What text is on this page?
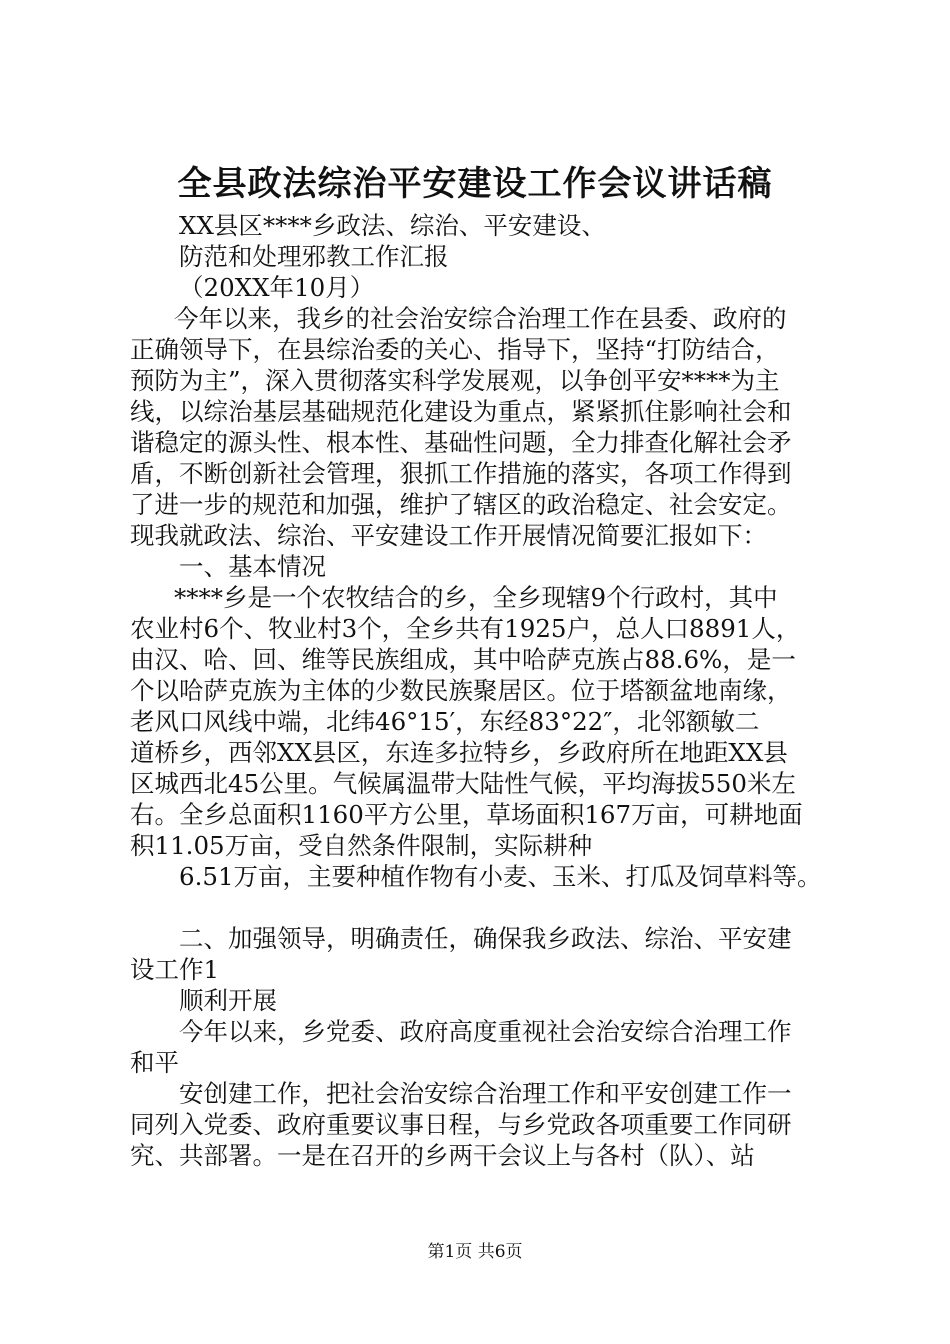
全县政法综治平安建设工作会议讲话稿
XX县区****乡政法、综治、平安建设、
防范和处理邪教工作汇报
（20XX年10月）
今年以来，我乡的社会治安综合治理工作在县委、政府的
正确领导下，在县综治委的关心、指导下，坚持“打防结合，
预防为主”，深入贯彻落实科学发展观，以争创平安****为主
线，以综治基层基础规范化建设为重点，紧紧抓住影响社会和
谐稳定的源头性、根本性、基础性问题，全力排查化解社会矛
盾，不断创新社会管理，狠抓工作措施的落实，各项工作得到
了进一步的规范和加强，维护了辖区的政治稳定、社会安定。
现我就政法、综治、平安建设工作开展情况简要汇报如下：
一、基本情况
****乡是一个农牧结合的乡，全乡现辖9个行政村，其中
农业村6个、牧业村3个，全乡共有1925户，总人口8891人，
由汉、哈、回、维等民族组成，其中哈萨克族占88.6%，是一
个以哈萨克族为主体的少数民族聚居区。位于塔额盆地南缘，
老风口风线中端，北纬46°15′，东经83°22″，北邻额敏二
道桥乡，西邻XX县区，东连多拉特乡，乡政府所在地距XX县
区城西北45公里。气候属温带大陆性气候，平均海拔550米左
右。全乡总面积1160平方公里，草场面积167万亩，可耕地面
积11.05万亩，受自然条件限制，实际耕种
6.51万亩，主要种植作物有小麦、玉米、打瓜及饲草料等。
二、加强领导，明确责任，确保我乡政法、综治、平安建
设工作1
顺利开展
今年以来，乡党委、政府高度重视社会治安综合治理工作
和平
安创建工作，把社会治安综合治理工作和平安创建工作一
同列入党委、政府重要议事日程，与乡党政各项重要工作同研
究、共部署。一是在召开的乡两干会议上与各村（队）、站
第1页 共6页
